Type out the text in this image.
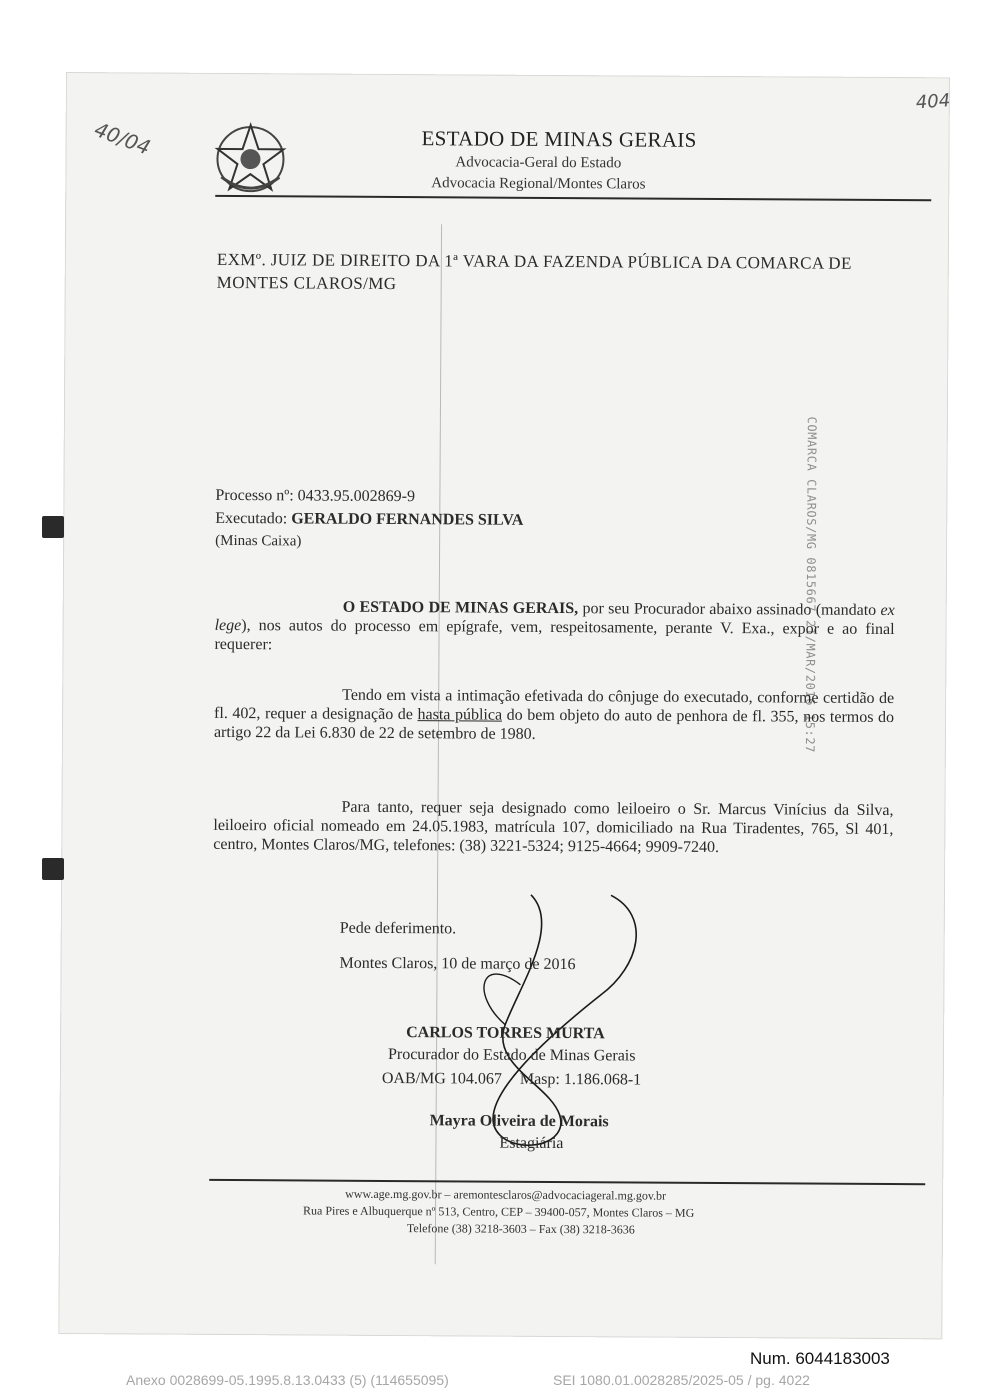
ESTADO DE MINAS GERAIS
Advocacia-Geral do Estado
Advocacia Regional/Montes Claros
40/04
404
EXMº. JUIZ DE DIREITO DA 1ª VARA DA FAZENDA PÚBLICA DA COMARCA DE MONTES CLAROS/MG
COMARCA CLAROS/MG 0815667 21/MAR/2016 15:27
Processo nº: 0433.95.002869-9
Executado: GERALDO FERNANDES SILVA
(Minas Caixa)
O ESTADO DE MINAS GERAIS, por seu Procurador abaixo assinado (mandato ex lege), nos autos do processo em epígrafe, vem, respeitosamente, perante V. Exa., expor e ao final requerer:
Tendo em vista a intimação efetivada do cônjuge do executado, conforme certidão de fl. 402, requer a designação de hasta pública do bem objeto do auto de penhora de fl. 355, nos termos do artigo 22 da Lei 6.830 de 22 de setembro de 1980.
Para tanto, requer seja designado como leiloeiro o Sr. Marcus Vinícius da Silva, leiloeiro oficial nomeado em 24.05.1983, matrícula 107, domiciliado na Rua Tiradentes, 765, Sl 401, centro, Montes Claros/MG, telefones: (38) 3221-5324; 9125-4664; 9909-7240.
Pede deferimento.
Montes Claros, 10 de março de 2016
CARLOS TORRES MURTA
Procurador do Estado de Minas Gerais
OAB/MG 104.067 Masp: 1.186.068-1
Mayra Oliveira de Morais
Estagiária
www.age.mg.gov.br – aremontesclaros@advocaciageral.mg.gov.br
Rua Pires e Albuquerque nº 513, Centro, CEP – 39400-057, Montes Claros – MG
Telefone (38) 3218-3603 – Fax (38) 3218-3636
Num. 6044183003
Anexo 0028699-05.1995.8.13.0433 (5) (114655095)	SEI 1080.01.0028285/2025-05 / pg. 4022
